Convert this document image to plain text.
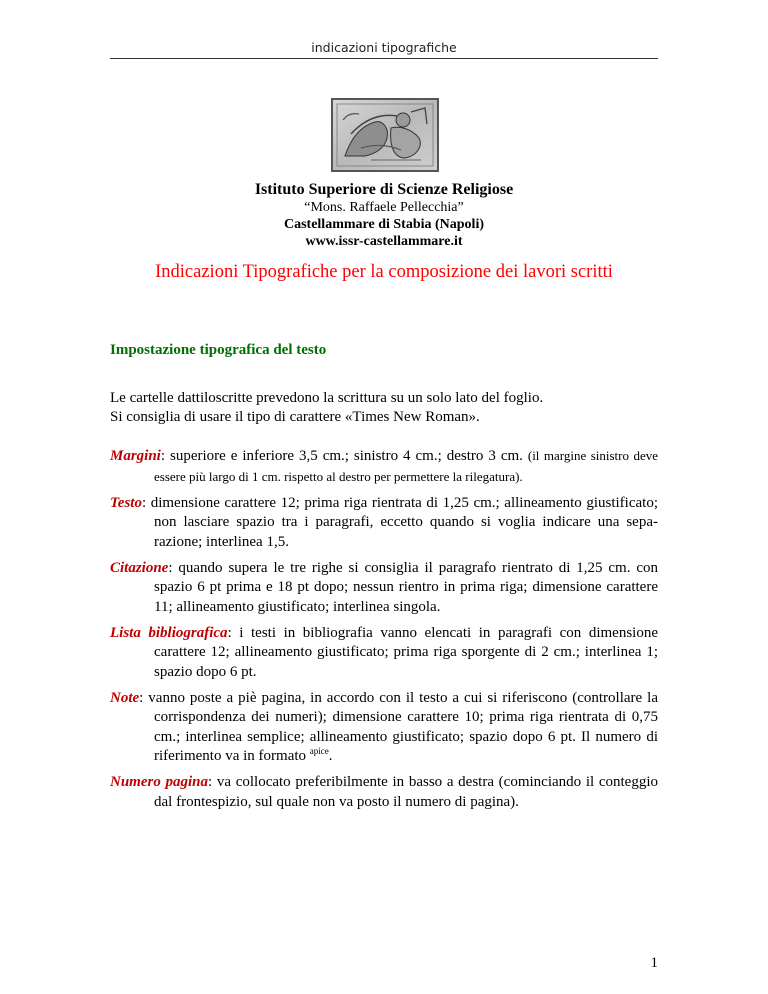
indicazioni tipografiche
Istituto Superiore di Scienze Religiose
“Mons. Raffaele Pellecchia”
Castellammare di Stabia (Napoli)
www.issr-castellammare.it
Indicazioni Tipografiche per la composizione dei lavori scritti
Impostazione tipografica del testo

Le cartelle dattiloscritte prevedono la scrittura su un solo lato del foglio.

Si consiglia di usare il tipo di carattere «Times New Roman».

Margini: superiore e inferiore 3,5 cm.; sinistro 4 cm.; destro 3 cm. (il margine sinistro deve essere più largo di 1 cm. rispetto al destro per permettere la rilegatura).

Testo: dimensione carattere 12; prima riga rientrata di 1,25 cm.; allineamento giustificato; non lasciare spazio tra i paragrafi, eccetto quando si voglia indicare una separazione; interlinea 1,5.

Citazione: quando supera le tre righe si consiglia il paragrafo rientrato di 1,25 cm. con spazio 6 pt prima e 18 pt dopo; nessun rientro in prima riga; dimensione carattere 11; allineamento giustificato; interlinea singola.

Lista bibliografica: i testi in bibliografia vanno elencati in paragrafi con dimensione carattere 12; allineamento giustificato; prima riga sporgente di 2 cm.; interlinea 1; spazio dopo 6 pt.

Note: vanno poste a piè pagina, in accordo con il testo a cui si riferiscono (controllare la corrispondenza dei numeri); dimensione carattere 10; prima riga rientrata di 0,75 cm.; interlinea semplice; allineamento giustificato; spazio dopo 6 pt. Il numero di riferimento va in formato $^{apice}$.

Numero pagina: va collocato preferibilmente in basso a destra (cominciando il conteggio dal frontespizio, sul quale non va posto il numero di pagina).

1
